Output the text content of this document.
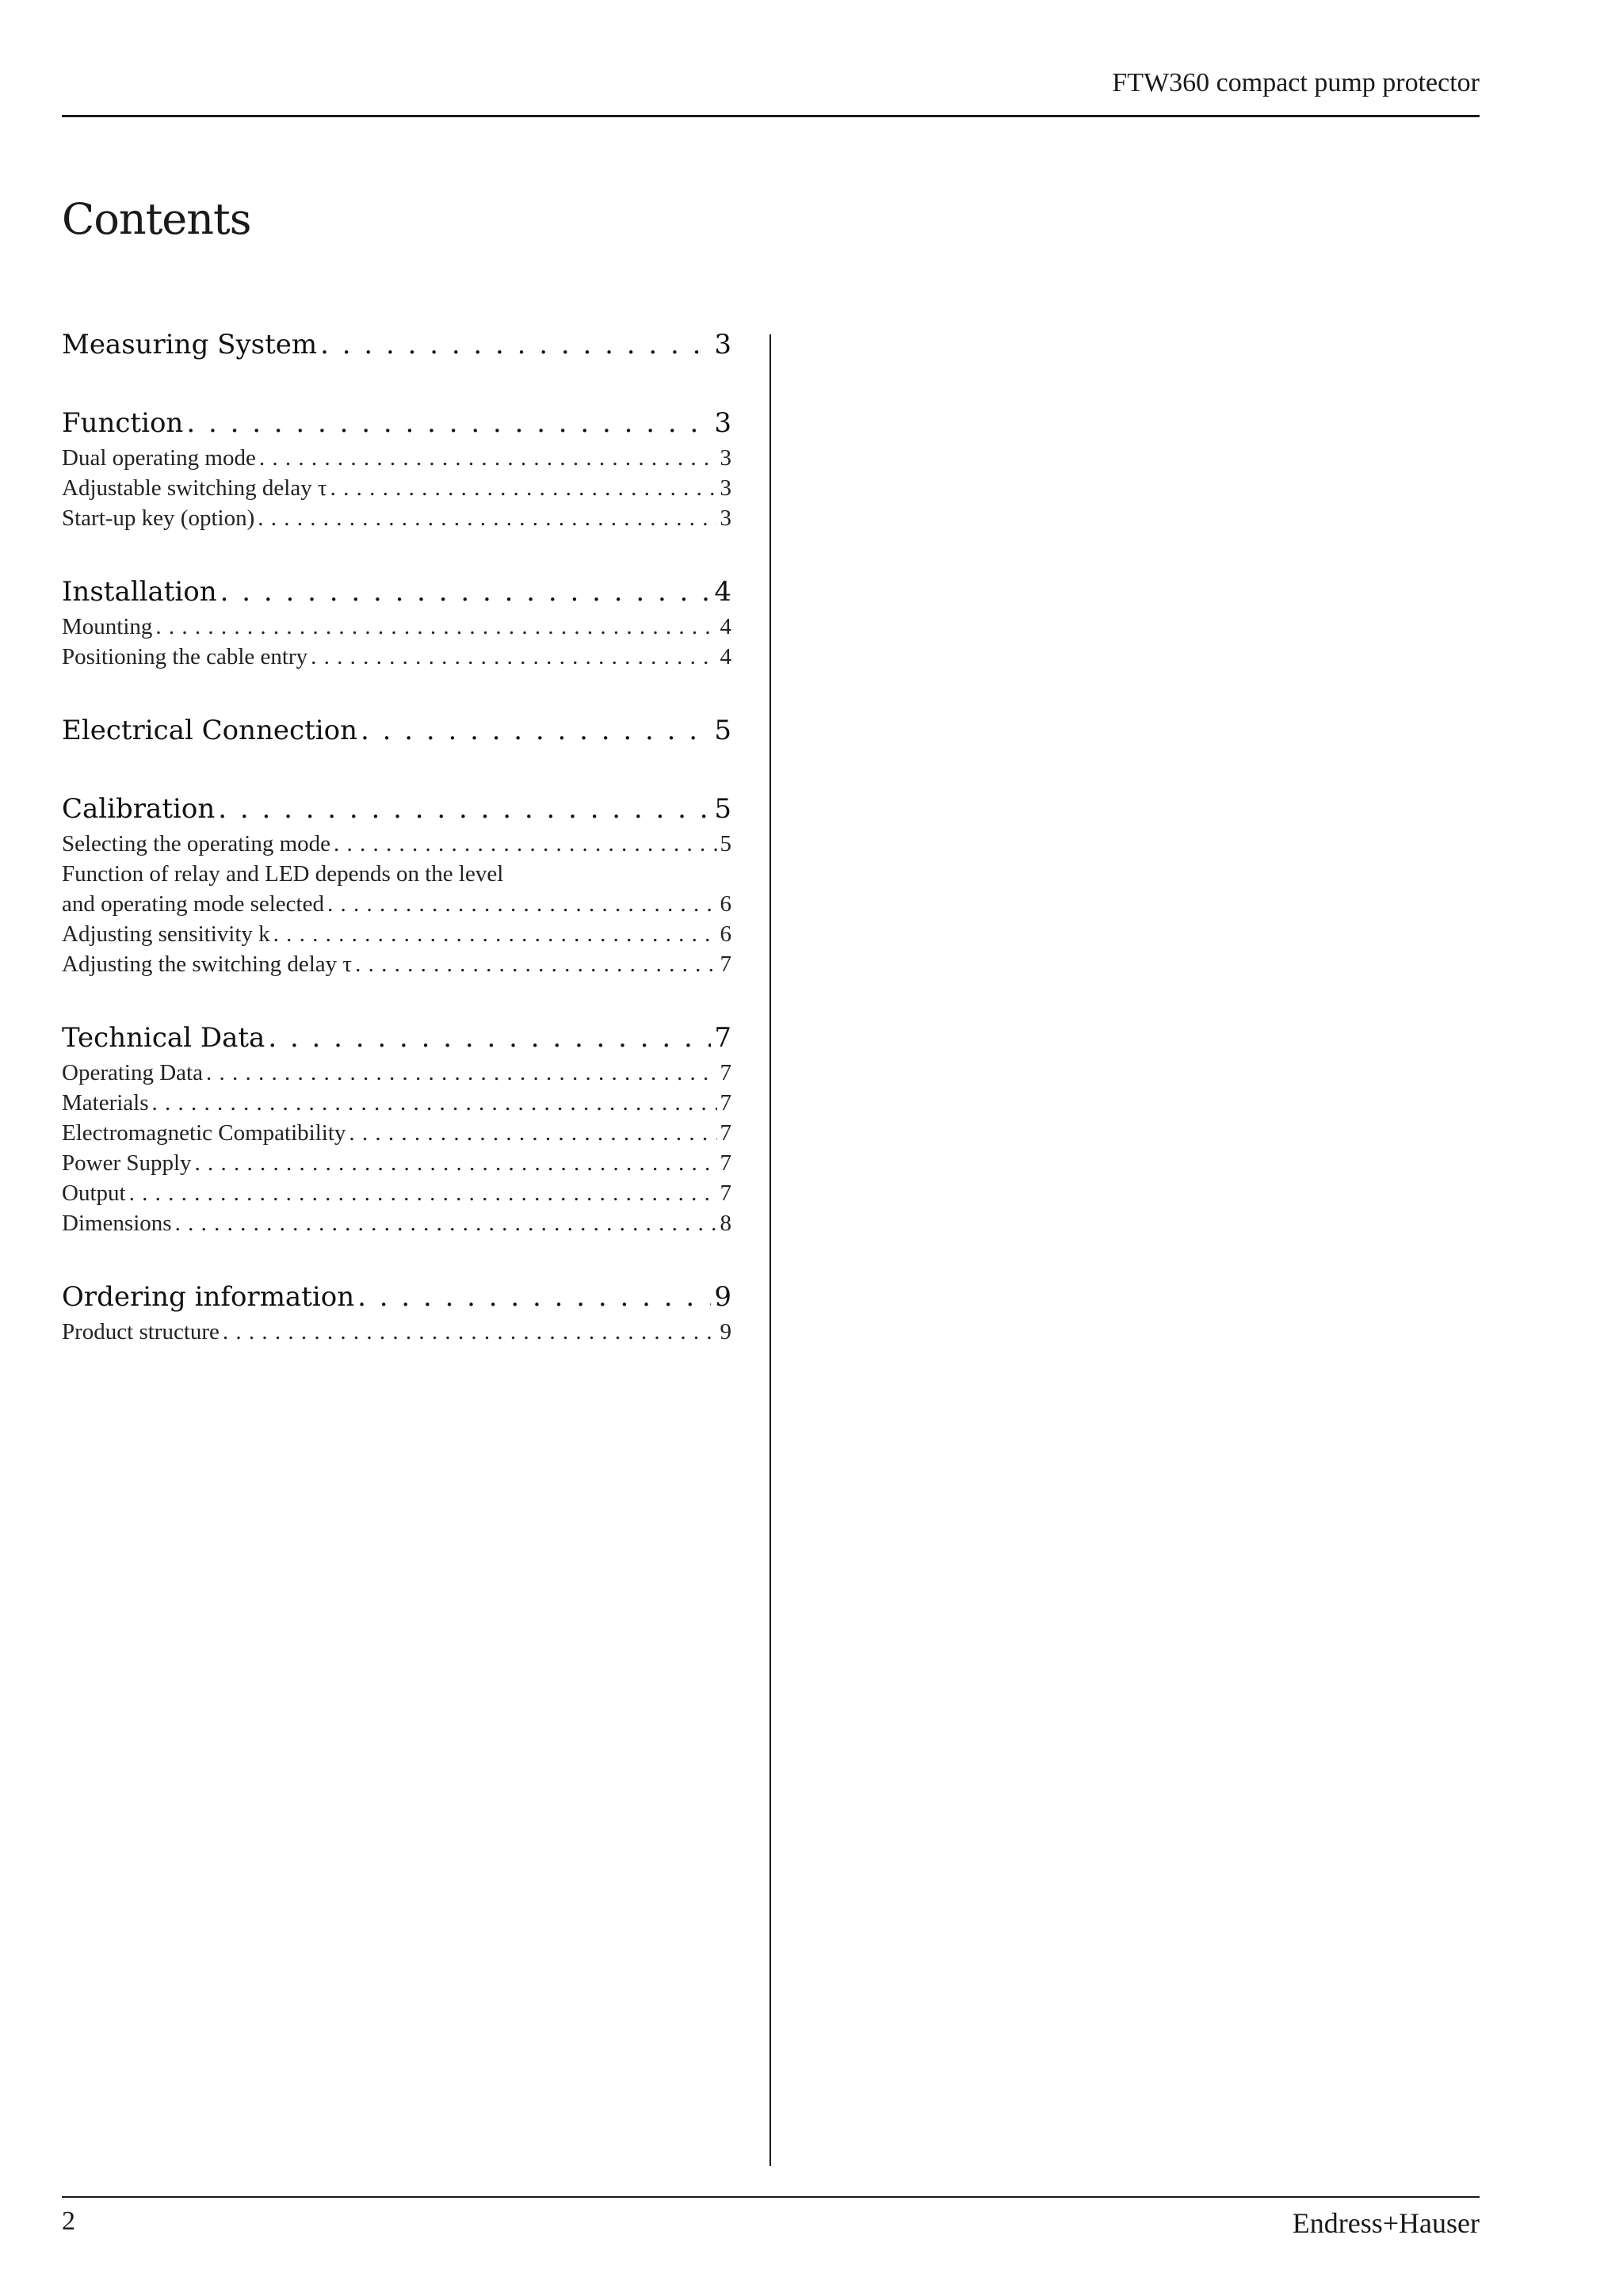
FTW360 compact pump protector
Contents
Measuring System . . .	3
Function . . .	3
Dual operating mode . . .	3
Adjustable switching delay τ . . .	3
Start-up key (option) . . .	3
Installation . . .	4
Mounting . . .	4
Positioning the cable entry . . .	4
Electrical Connection . . .	5
Calibration . . .	5
Selecting the operating mode . . .	5
Function of relay and LED depends on the level
and operating mode selected . . .	6
Adjusting sensitivity k . . .	6
Adjusting the switching delay τ . . .	7
Technical Data . . .	7
Operating Data . . .	7
Materials . . .	7
Electromagnetic Compatibility . . .	7
Power Supply . . .	7
Output . . .	7
Dimensions . . .	8
Ordering information . . .	9
Product structure . . .	9
2	Endress+Hauser
